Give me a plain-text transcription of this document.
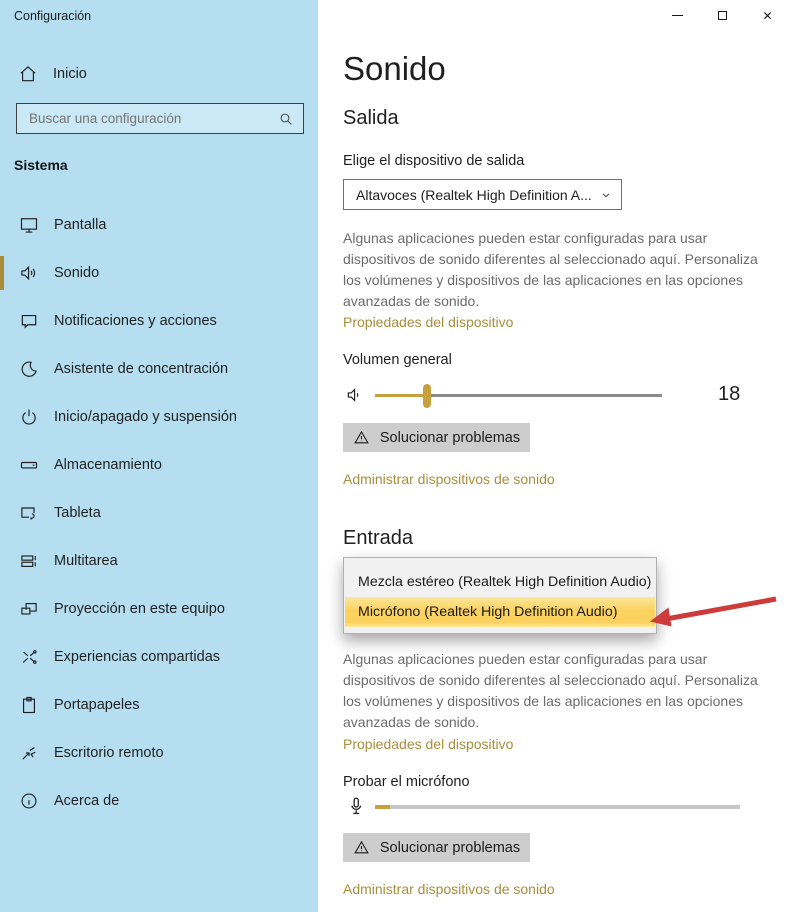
Configuración
Inicio
Buscar una configuración
Sistema
Pantalla
Sonido
Notificaciones y acciones
Asistente de concentración
Inicio/apagado y suspensión
Almacenamiento
Tableta
Multitarea
Proyección en este equipo
Experiencias compartidas
Portapapeles
Escritorio remoto
Acerca de
✕
Sonido
Salida
Elige el dispositivo de salida
Altavoces (Realtek High Definition A...
Algunas aplicaciones pueden estar configuradas para usar dispositivos de sonido diferentes al seleccionado aquí. Personaliza los volúmenes y dispositivos de las aplicaciones en las opciones avanzadas de sonido.
Propiedades del dispositivo
Volumen general
18
Solucionar problemas
Administrar dispositivos de sonido
Entrada
Mezcla estéreo (Realtek High Definition Audio)
Micrófono (Realtek High Definition Audio)
Algunas aplicaciones pueden estar configuradas para usar dispositivos de sonido diferentes al seleccionado aquí. Personaliza los volúmenes y dispositivos de las aplicaciones en las opciones avanzadas de sonido.
Propiedades del dispositivo
Probar el micrófono
Solucionar problemas
Administrar dispositivos de sonido
